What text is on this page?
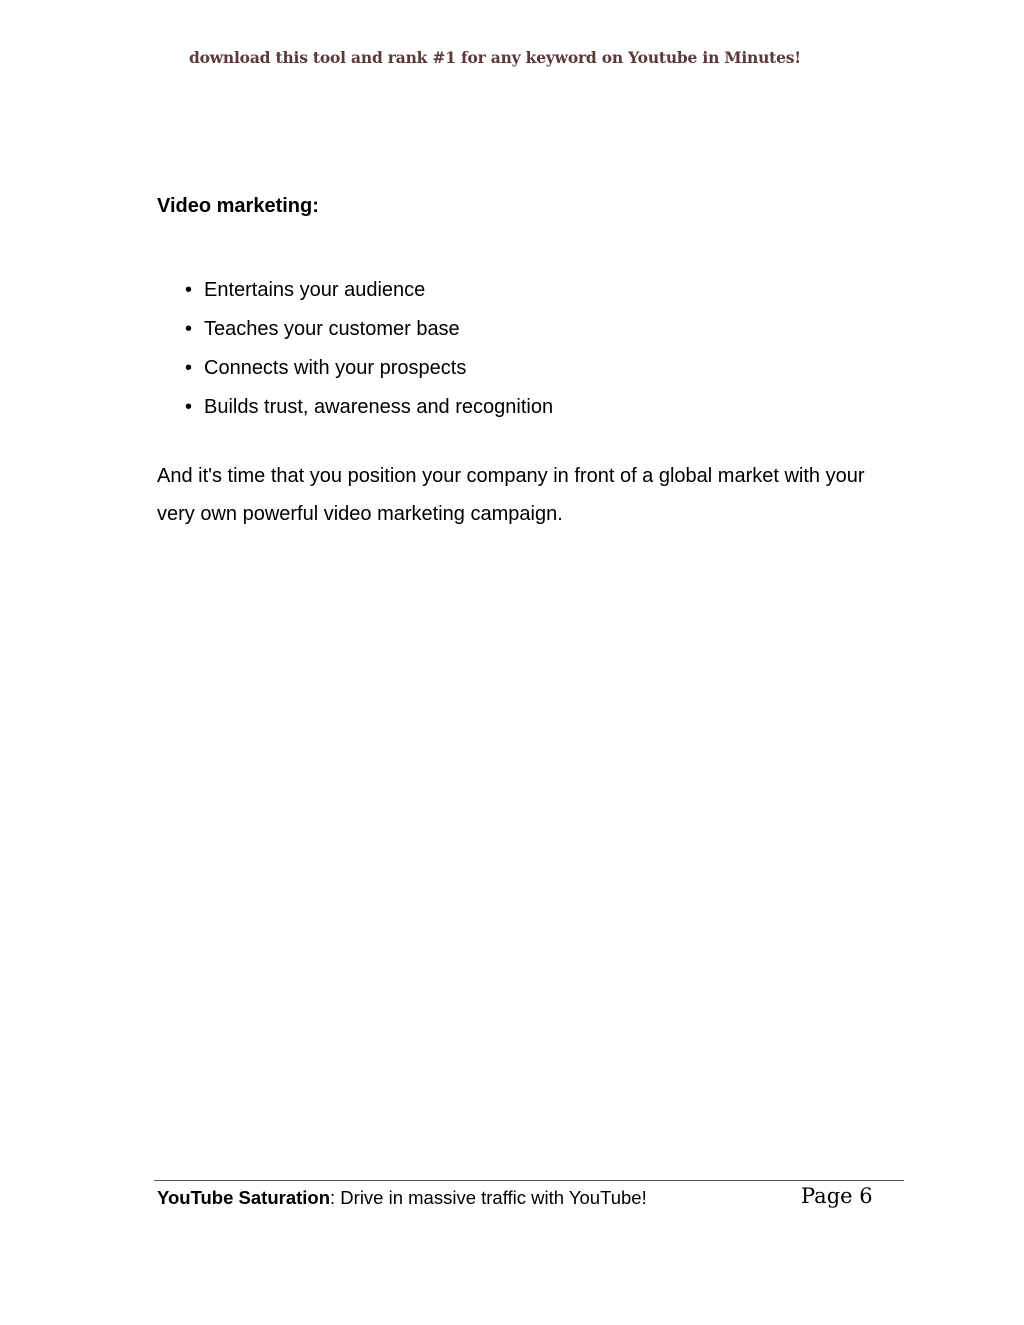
download this tool and rank #1 for any keyword on Youtube in Minutes!
Video marketing:
• Entertains your audience
• Teaches your customer base
• Connects with your prospects
• Builds trust, awareness and recognition

And it's time that you position your company in front of a global market with your very own powerful video marketing campaign.

YouTube Saturation: Drive in massive traffic with YouTube!	Page 6
